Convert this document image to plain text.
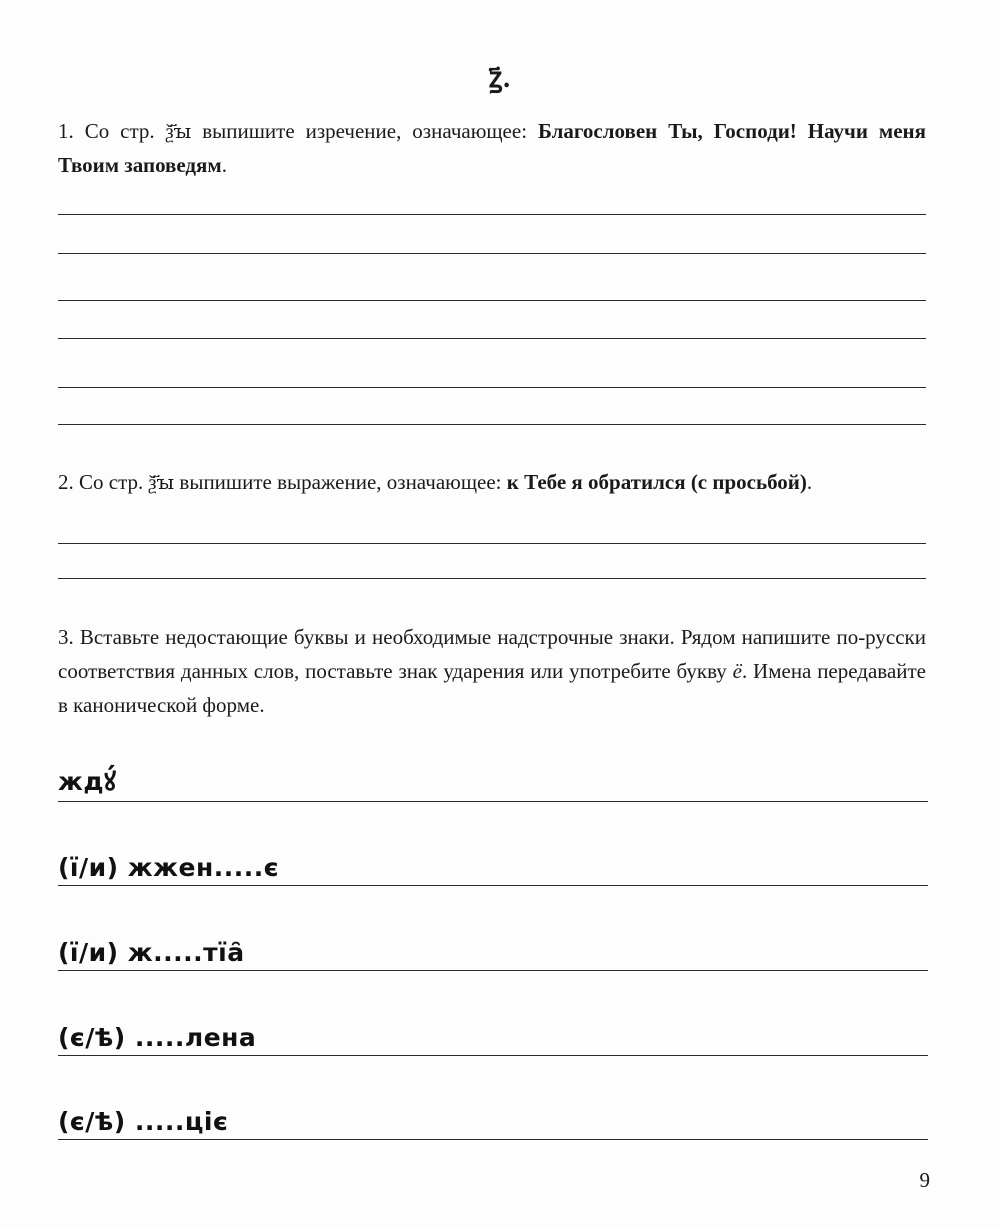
ꙁ҃.
1. Со стр. ѯ҃ꙑ выпишите изречение, означающее: Благословен Ты, Господи! Научи меня Твоим заповедям.
2. Со стр. ѯ҃ꙑ выпишите выражение, означающее: к Тебе я обратился (с просьбой).
3. Вставьте недостающие буквы и необходимые надстрочные знаки. Рядом напишите по-русски соответствия данных слов, поставьте знак ударения или употребите букву ё. Имена передавайте в канонической форме.
ждꙋ́
(ї/и) жжен.....є
(ї/и) ж.....тїа̑
(є/ѣ) .....лена
(є/ѣ) .....ціє
9
